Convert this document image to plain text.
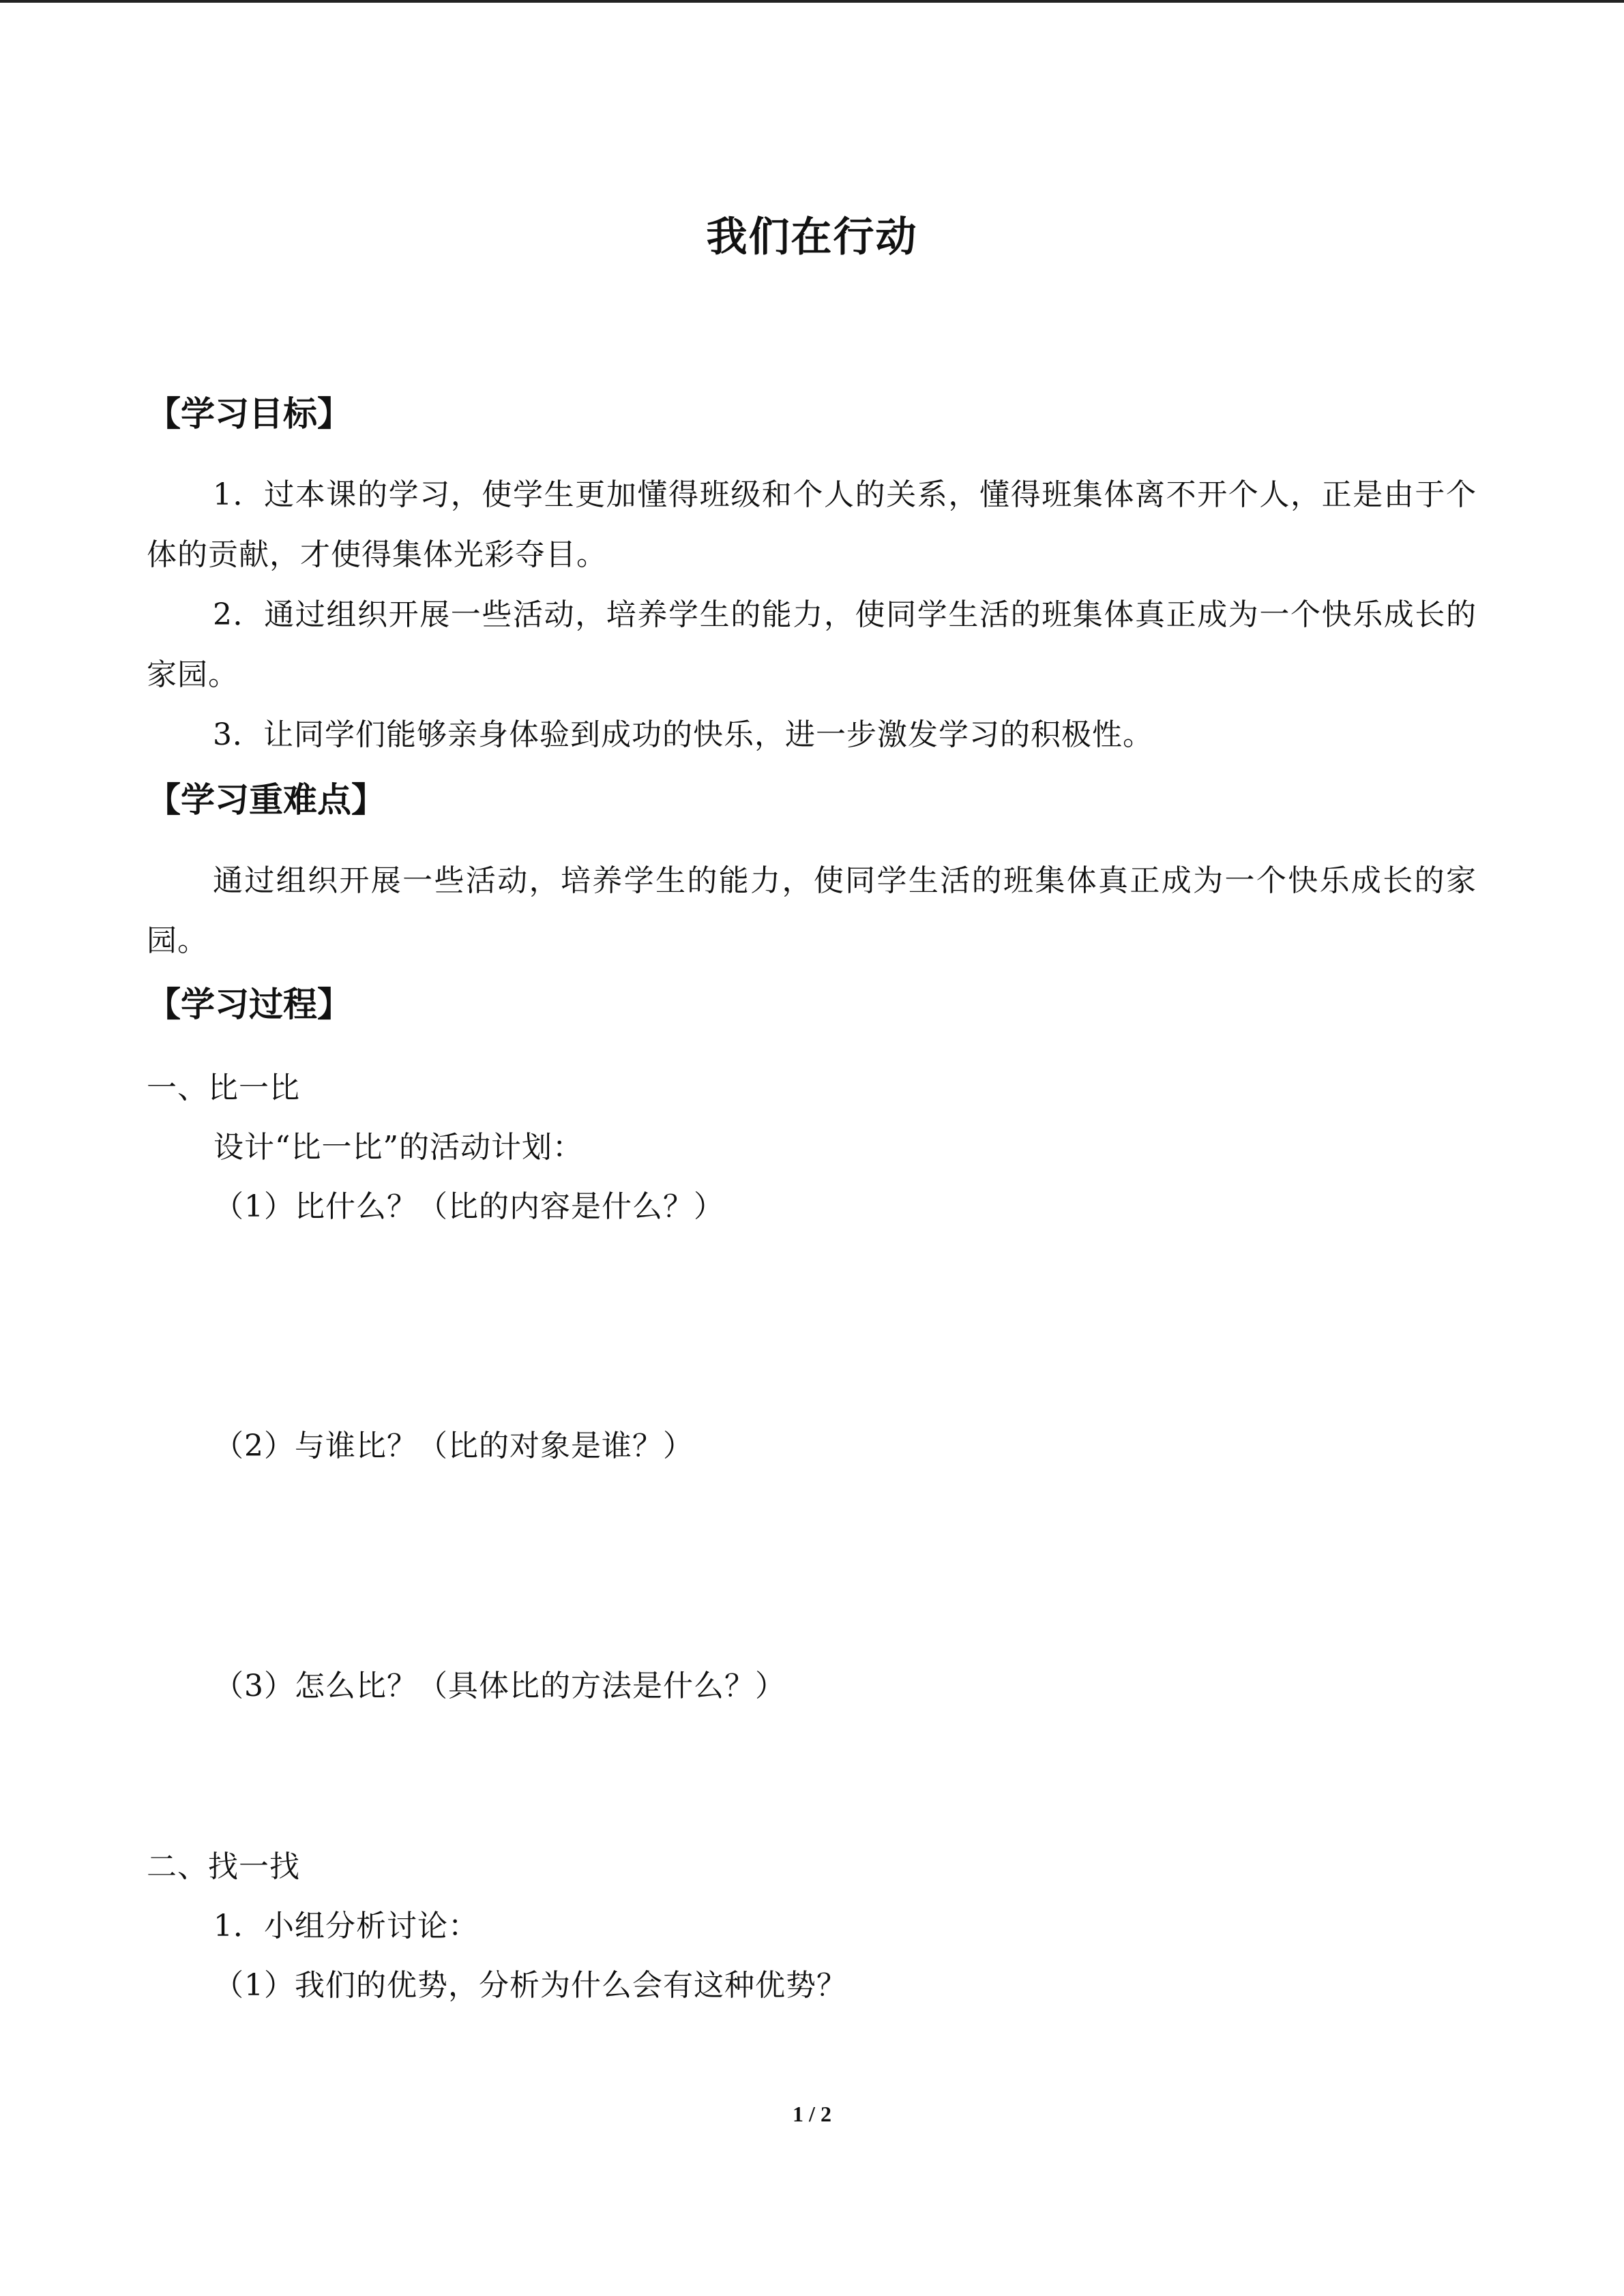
我们在行动
【学习目标】
1．过本课的学习，使学生更加懂得班级和个人的关系，懂得班集体离不开个人，正是由于个体的贡献，才使得集体光彩夺目。
2．通过组织开展一些活动，培养学生的能力，使同学生活的班集体真正成为一个快乐成长的家园。
3．让同学们能够亲身体验到成功的快乐，进一步激发学习的积极性。
【学习重难点】
通过组织开展一些活动，培养学生的能力，使同学生活的班集体真正成为一个快乐成长的家园。
【学习过程】
一、比一比
设计“比一比”的活动计划：
（1）比什么？（比的内容是什么？）
（2）与谁比？（比的对象是谁？）
（3）怎么比？（具体比的方法是什么？）
二、找一找
1．小组分析讨论：
（1）我们的优势，分析为什么会有这种优势？
1 / 2
